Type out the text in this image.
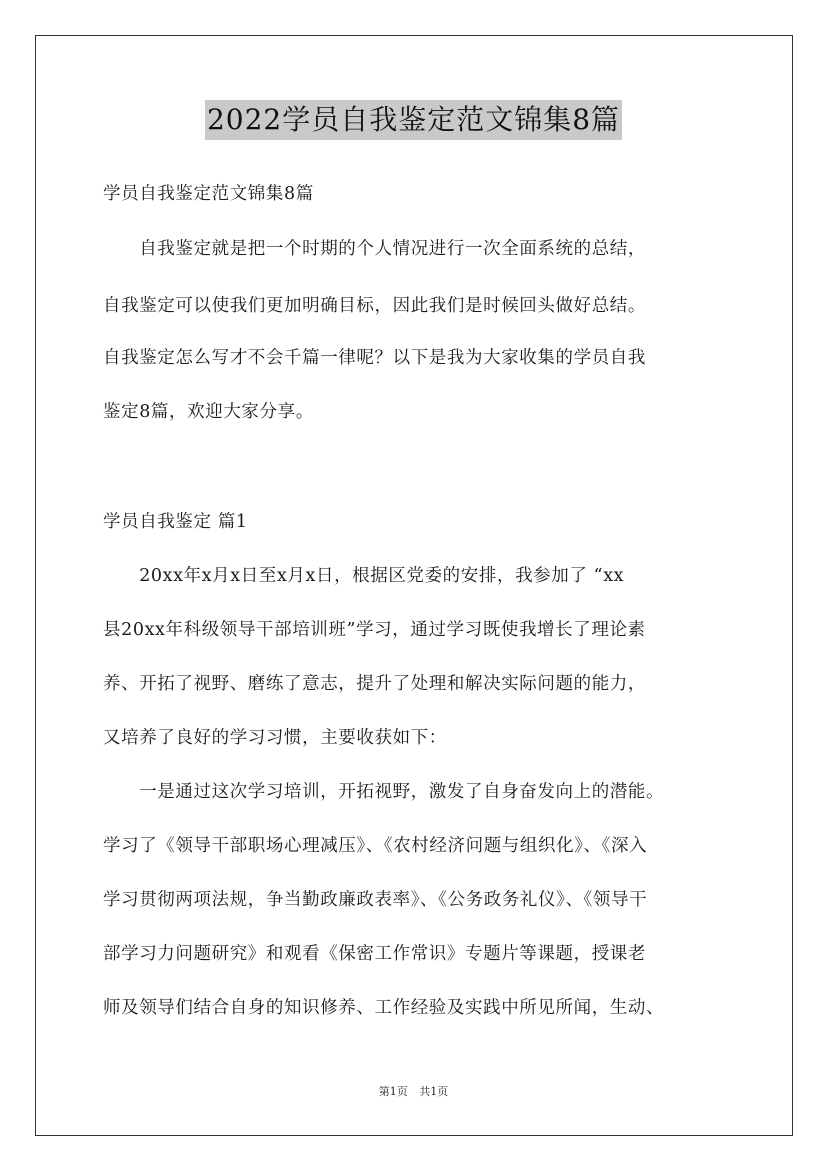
2022学员自我鉴定范文锦集8篇
学员自我鉴定范文锦集8篇
　　自我鉴定就是把一个时期的个人情况进行一次全面系统的总结，
自我鉴定可以使我们更加明确目标，因此我们是时候回头做好总结。
自我鉴定怎么写才不会千篇一律呢？以下是我为大家收集的学员自我
鉴定8篇，欢迎大家分享。
学员自我鉴定 篇1
　　20xx年x月x日至x月x日，根据区党委的安排，我参加了 “xx
县20xx年科级领导干部培训班”学习，通过学习既使我增长了理论素
养、开拓了视野、磨练了意志，提升了处理和解决实际问题的能力，
又培养了良好的学习习惯，主要收获如下：
　　一是通过这次学习培训，开拓视野，激发了自身奋发向上的潜能。
学习了《领导干部职场心理减压》、《农村经济问题与组织化》、《深入
学习贯彻两项法规，争当勤政廉政表率》、《公务政务礼仪》、《领导干
部学习力问题研究》和观看《保密工作常识》专题片等课题，授课老
师及领导们结合自身的知识修养、工作经验及实践中所见所闻，生动、
第1页 共1页
